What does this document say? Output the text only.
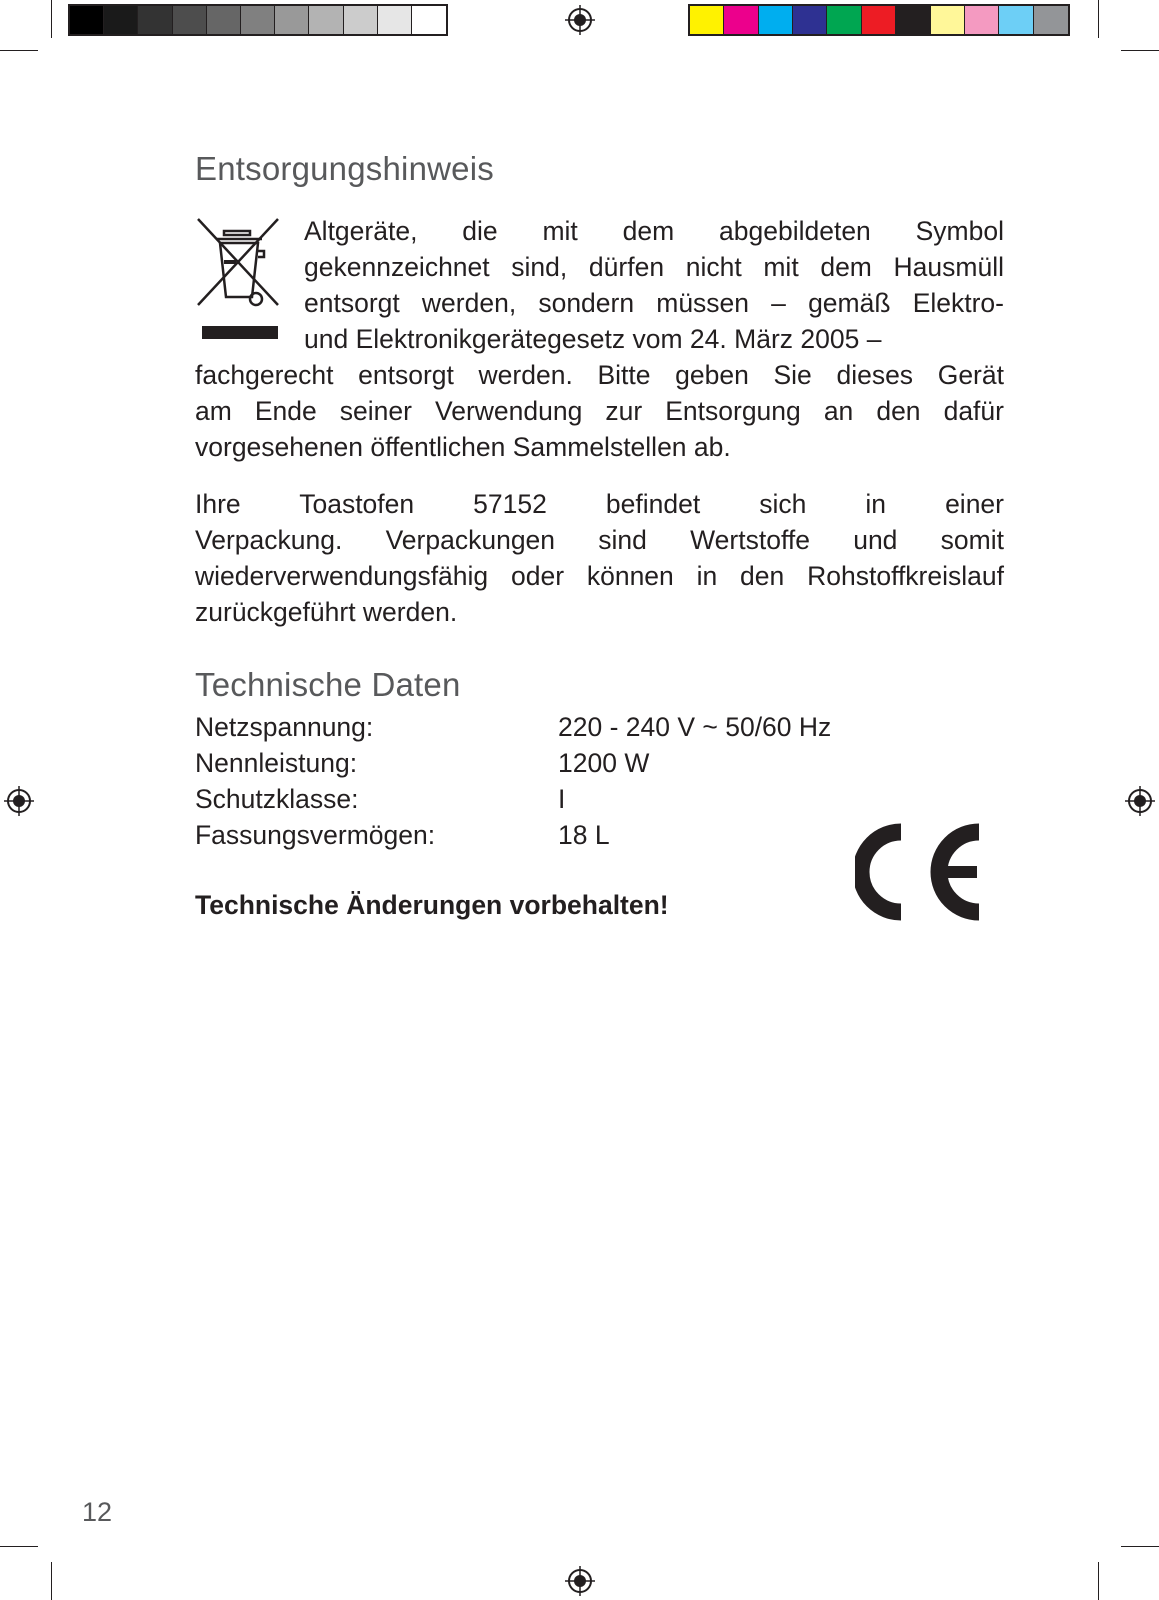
Entsorgungshinweis
Altgeräte, die mit dem abgebildeten Symbol
gekennzeichnet sind, dürfen nicht mit dem Hausmüll
entsorgt werden, sondern müssen – gemäß Elektro-
und Elektronikgerätegesetz vom 24. März 2005 –
fachgerecht entsorgt werden. Bitte geben Sie dieses Gerät
am Ende seiner Verwendung zur Entsorgung an den dafür
vorgesehenen öffentlichen Sammelstellen ab.
Ihre Toastofen 57152 befindet sich in einer
Verpackung. Verpackungen sind Wertstoffe und somit
wiederverwendungsfähig oder können in den Rohstoffkreislauf
zurückgeführt werden.
Technische Daten
Netzspannung:	220 - 240 V ~ 50/60 Hz
Nennleistung:	1200 W
Schutzklasse:	I
Fassungsvermögen:	18 L
Technische Änderungen vorbehalten!
12
